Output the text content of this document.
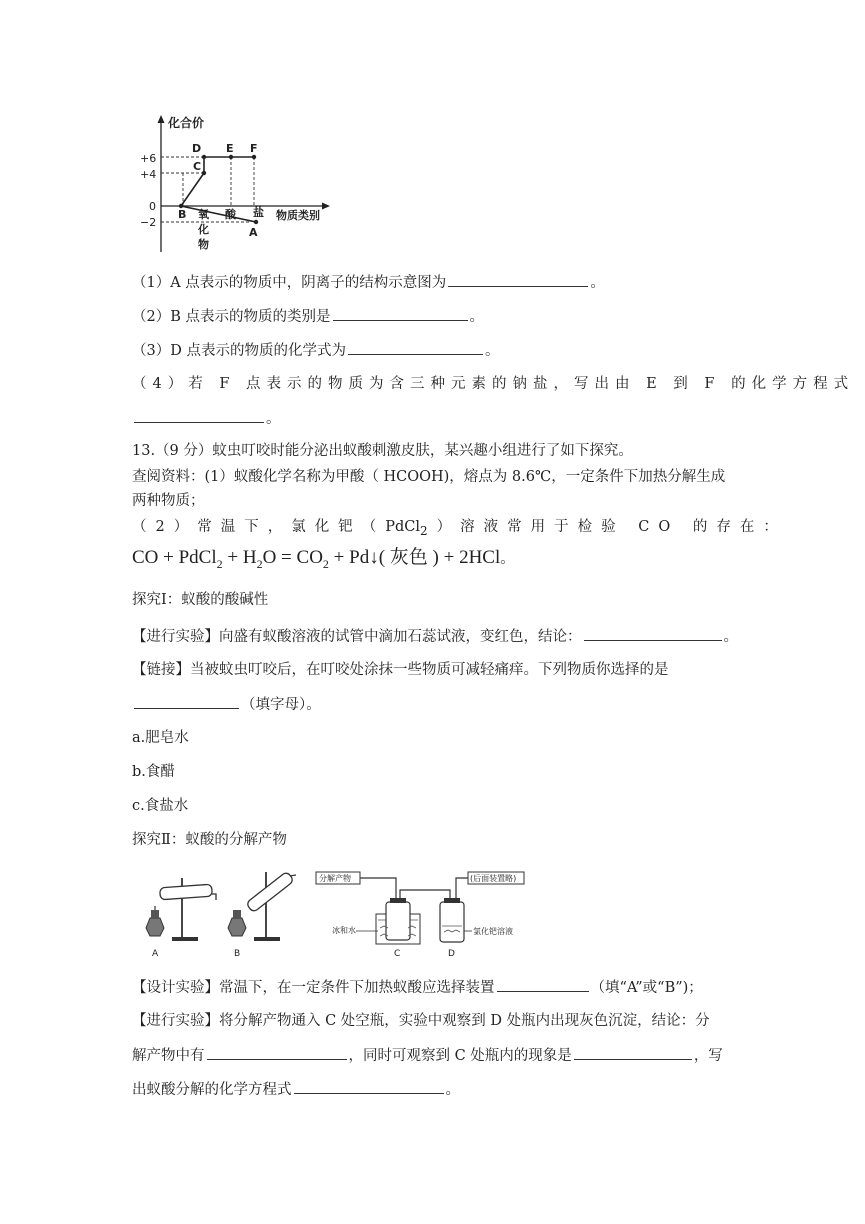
化合价
物质类别
+6
+4
0
−2
D E F
C
B
A
氧
化
物
酸 盐
（1）A 点表示的物质中，阴离子的结构示意图为	。
（2）B 点表示的物质的类别是	。
（3）D 点表示的物质的化学式为	。
（4）若 F 点表示的物质为含三种元素的钠盐，写出由 E 到 F 的化学方程式
。
13.（9 分）蚊虫叮咬时能分泌出蚁酸刺激皮肤，某兴趣小组进行了如下探究。
查阅资料：(1）蚁酸化学名称为甲酸（ HCOOH)，熔点为 8.6℃，一定条件下加热分解生成
两种物质；
（2）常温下，氯化钯（PdCl$_2$）溶液常用于检验 CO 的存在：
CO + PdCl$_2$ + $H_2O = CO_2$ + Pd↓( 灰色 ) + 2HCl。
探究Ⅰ：蚁酸的酸碱性
【进行实验】向盛有蚁酸溶液的试管中滴加石蕊试液，变红色，结论：	。
【链接】当被蚊虫叮咬后，在叮咬处涂抹一些物质可减轻痛痒。下列物质你选择的是
（填字母）。
a.肥皂水
b.食醋
c.食盐水
探究Ⅱ：蚁酸的分解产物
A	B
分解产物	(后面装置略)
冰和水	氯化钯溶液
C	D
【设计实验】常温下，在一定条件下加热蚁酸应选择装置	（填“A”或“B”)；
【进行实验】将分解产物通入 C 处空瓶，实验中观察到 D 处瓶内出现灰色沉淀，结论：分
解产物中有	，同时可观察到 C 处瓶内的现象是	，写
出蚁酸分解的化学方程式	。
